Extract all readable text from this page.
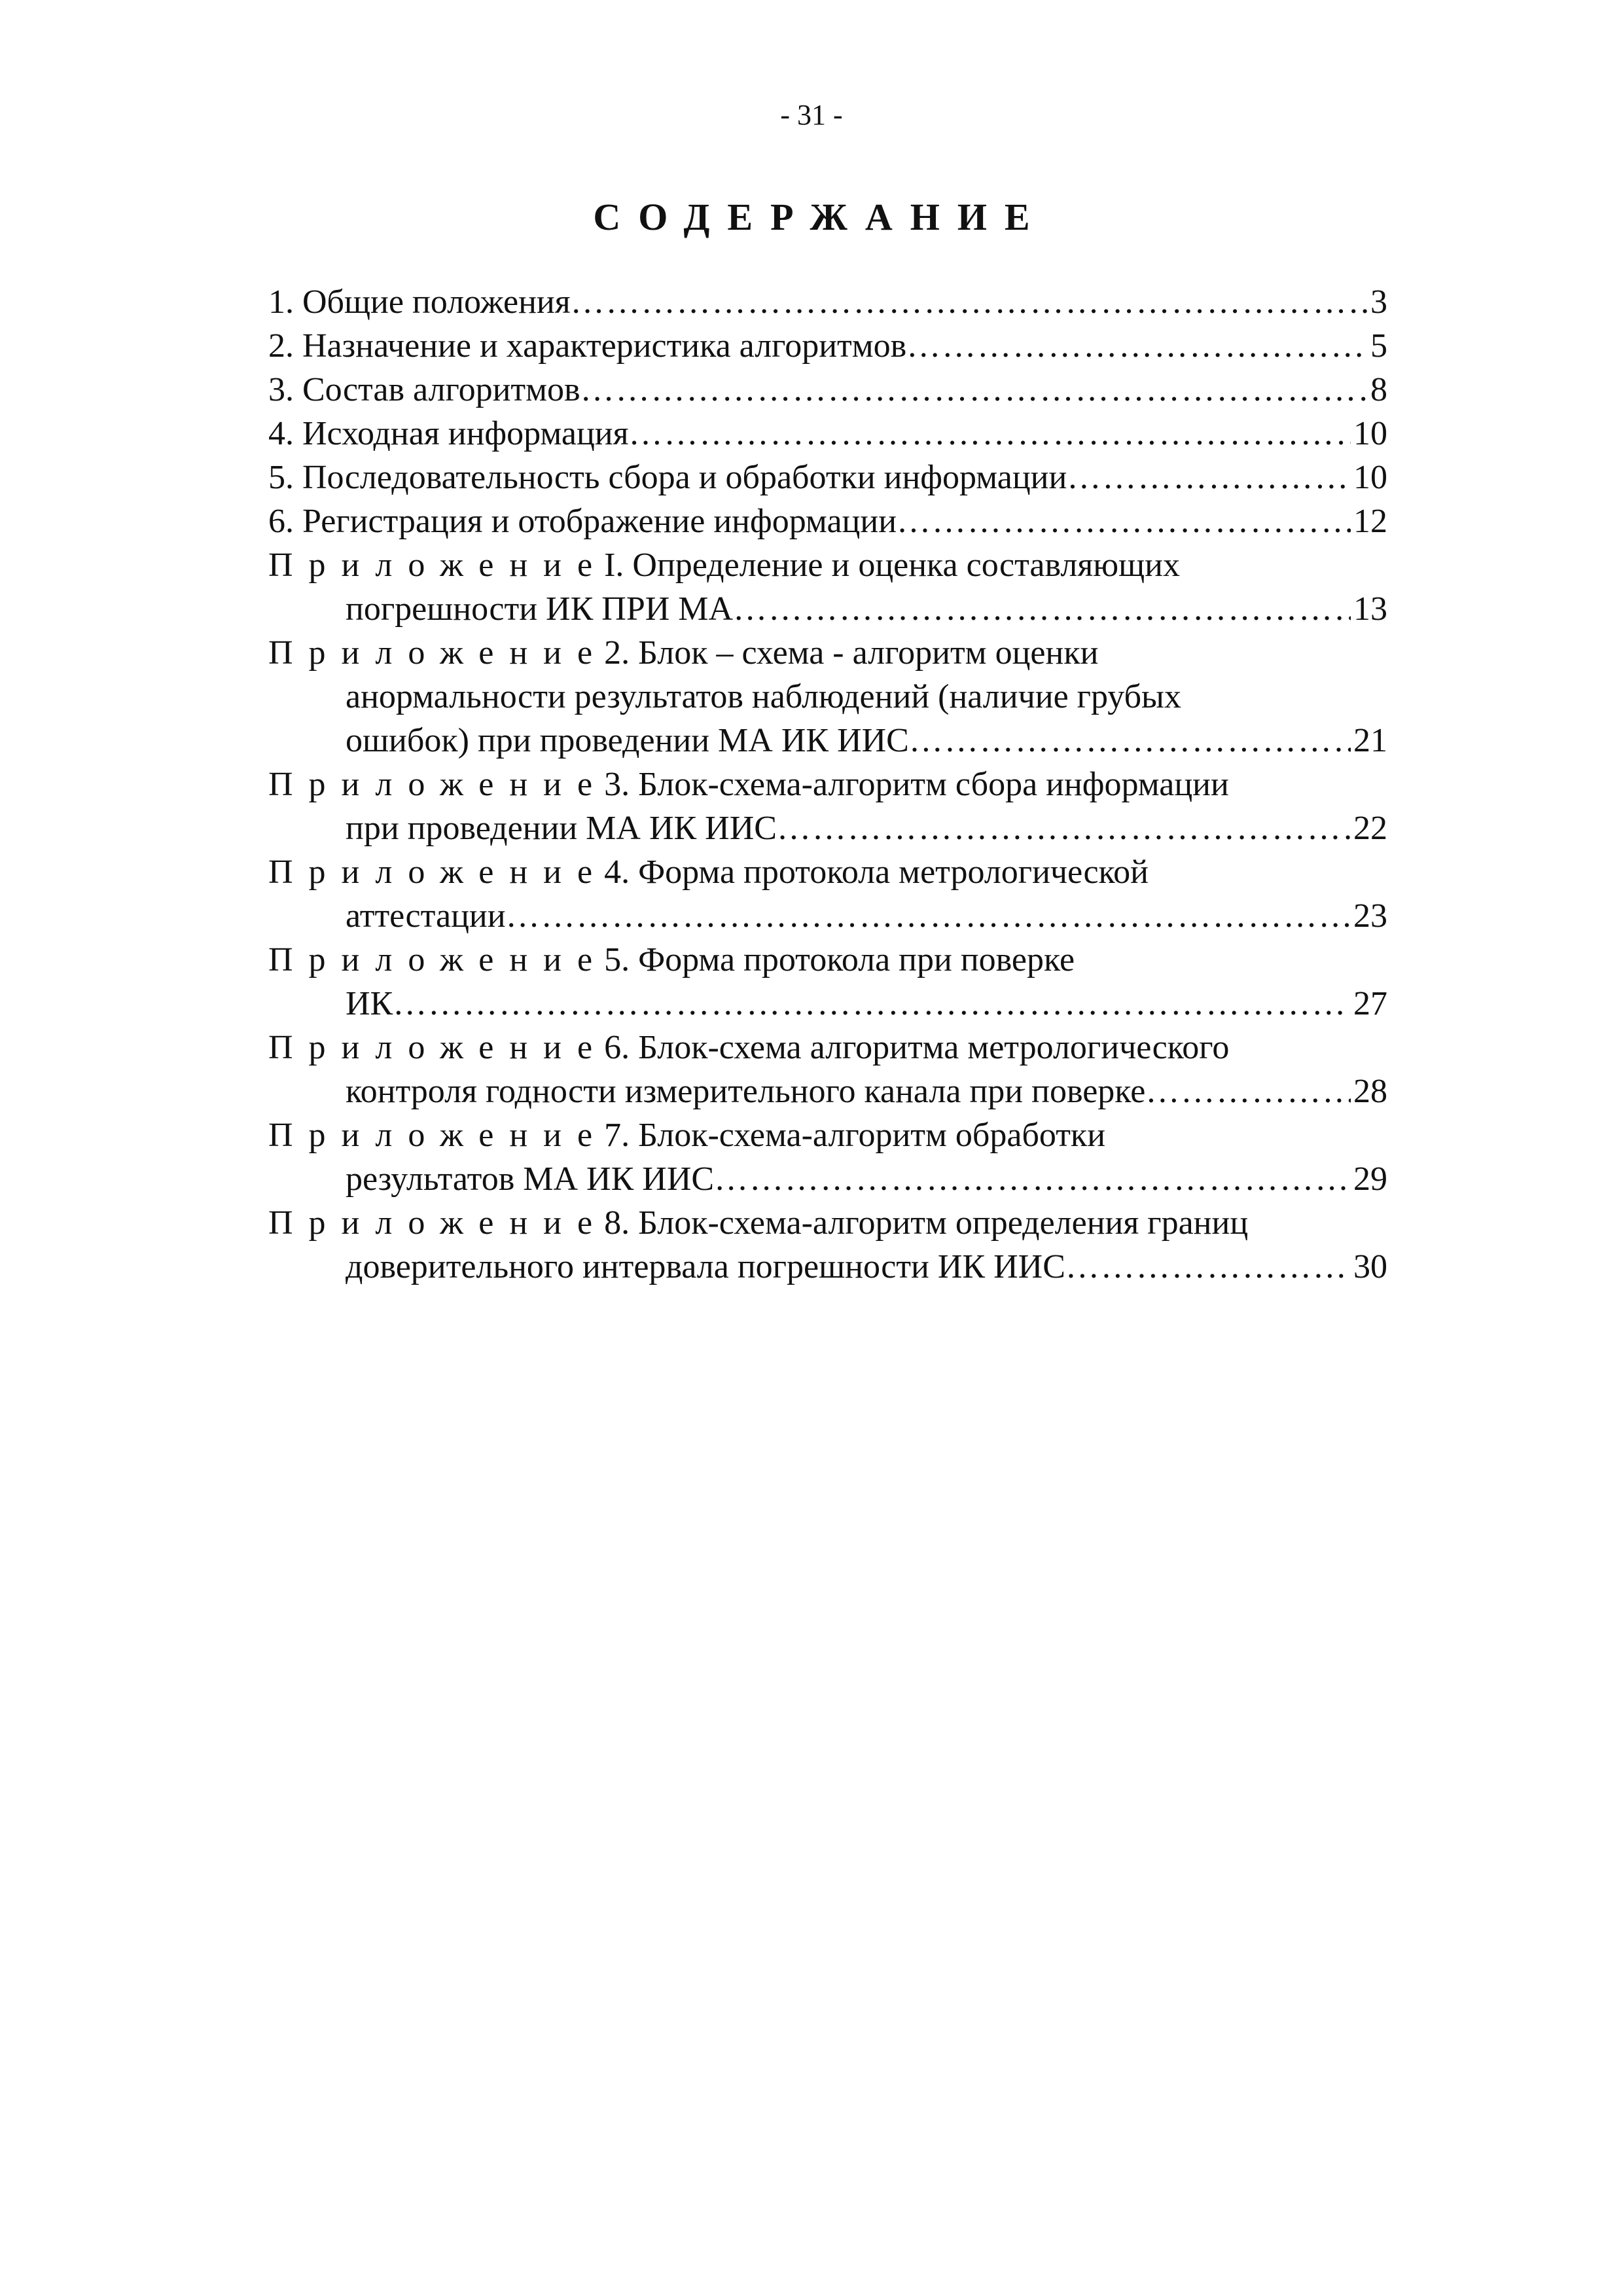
- 31 -
СОДЕРЖАНИЕ
1. Общие положения ……………………………………………………………………………………………………………………	3
2. Назначение и характеристика алгоритмов ……………………………………………………………………………………………………………………	5
3. Состав алгоритмов ……………………………………………………………………………………………………………………	8
4. Исходная информация ……………………………………………………………………………………………………………………	10
5. Последовательность сбора и обработки информации ……………………………………………………………………………………………………………………	10
6. Регистрация и отображение информации ……………………………………………………………………………………………………………………	12
Приложение
I. Определение и оценка составляющих
погрешности ИК ПРИ МА ……………………………………………………………………………………………………………………	13
Приложение
2. Блок – схема - алгоритм оценки
анормальности результатов наблюдений (наличие грубых
ошибок) при проведении МА ИК ИИС ……………………………………………………………………………………………………………………	21
Приложение
3. Блок-схема-алгоритм сбора информации
при проведении МА ИК ИИС ……………………………………………………………………………………………………………………	22
Приложение
4. Форма протокола метрологической
аттестации ……………………………………………………………………………………………………………………	23
Приложение
5. Форма протокола при поверке
ИК ……………………………………………………………………………………………………………………	27
Приложение
6. Блок-схема алгоритма метрологического
контроля годности измерительного канала при поверке ……………………………………………………………………………………………………………………	28
Приложение
7. Блок-схема-алгоритм обработки
результатов МА ИК ИИС ……………………………………………………………………………………………………………………	29
Приложение
8. Блок-схема-алгоритм определения границ
доверительного интервала погрешности ИК ИИС ……………………………………………………………………………………………………………………	30
